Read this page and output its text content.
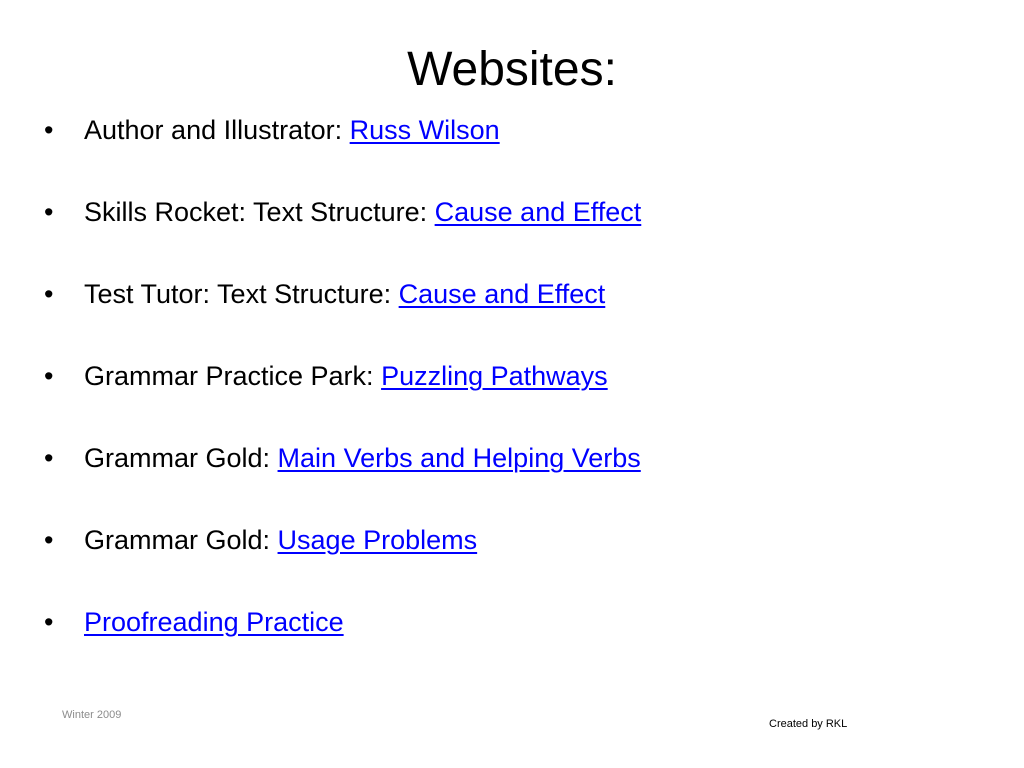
Websites:
•	Author and Illustrator: Russ Wilson
•	Skills Rocket: Text Structure: Cause and Effect
•	Test Tutor: Text Structure: Cause and Effect
•	Grammar Practice Park: Puzzling Pathways
•	Grammar Gold: Main Verbs and Helping Verbs
•	Grammar Gold: Usage Problems
•	Proofreading Practice
Winter 2009
Created by RKL
